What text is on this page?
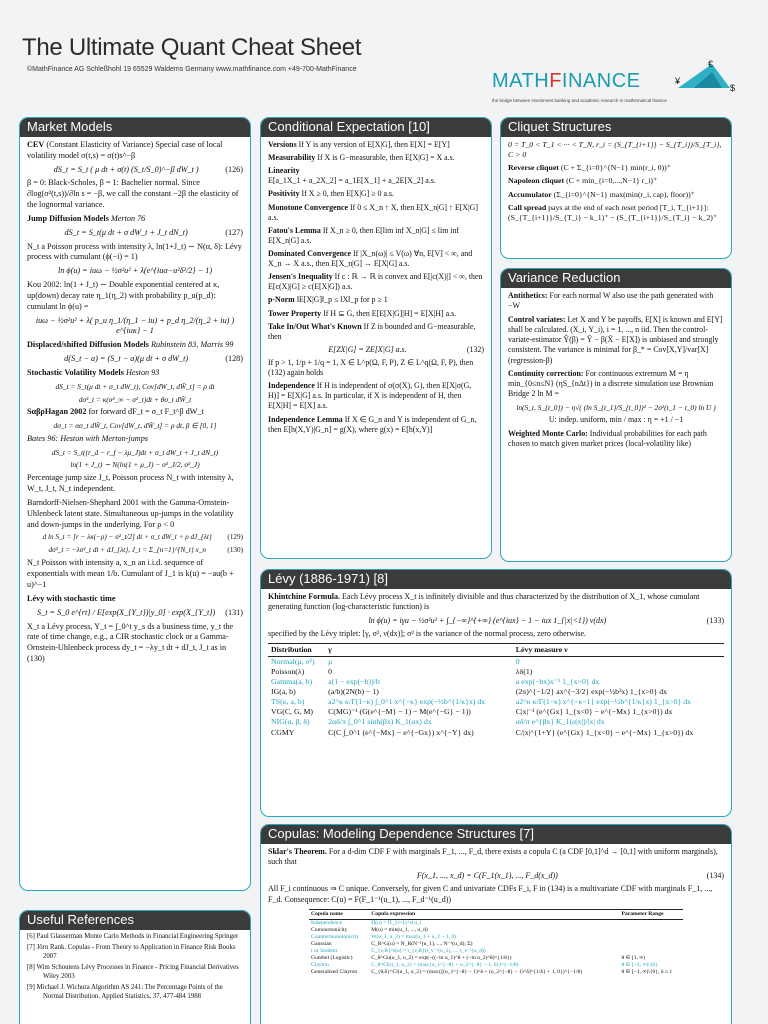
The Ultimate Quant Cheat Sheet
©MathFinance AG Schleßhohl 19 65529 Waldems Germany www.mathfinance.com +49-700-MathFinance
MATHFINANCE
€
¥
$
the bridge between investment banking and academic research in mathematical finance
Market Models

CEV (Constant Elasticity of Variance) Special case of local volatility model σ(t,s) = σ(t)s^−β

dS_t = S_t ( μ dt + σ(t) (S_t/S_0)^−β dW_t )	(126)

β = 0: Black-Scholes, β = 1: Bachelier normal. Since ∂log(σ²(t,s))/∂ln s = −β, we call the constant −2β the elasticity of the lognormal variance.

Jump Diffusion Models Merton 76

dS_t = S_t(μ dt + σ dW_t + J_t dN_t)	(127)

N_t a Poisson process with intensity λ, ln(1+J_t) ∼ N(α, δ): Lévy process with cumulant (ϕ(−i) = 1)

ln ϕ(u) = iuω − ½σ²u² + λ(e^{iuα−u²δ²/2} − 1)

Kou 2002: ln(1 + J_t) ∼ Double exponential centered at κ, up(down) decay rate η_1(η_2) with probability p_u(p_d): cumulant ln ϕ(u) =

iuω − ½σ²u² + λ( p_u η_1/(η_1 − iu) + p_d η_2/(η_2 + iu) ) e^{iuκ} − 1

Displaced/shifted Diffusion Models Rubinstein 83, Marris 99

d(S_t − a) = (S_t − a)(μ dt + σ dW_t)	(128)

Stochastic Volatility Models Heston 93

dS_t = S_t(μ dt + σ_t dW_t), Cov[dW_t, dW̃_t] = ρ dt

dσ²_t = κ(σ²_∞ − σ²_t)dt + θσ_t dW̃_t

SαβρHagan 2002 for forward dF_t = σ_t F_t^β dW_t

dσ_t = ασ_t dW̃_t, Cov[dW_t, dW̃_t] = ρ dt, β ∈ [0, 1]

Bates 96: Heston with Merton-jumps

dS_t = S_t((r_d − r_f − λμ_J)dt + σ_t dW_t + J_t dN_t)

ln(1 + J_t) ∼ N(ln(1 + μ_J) − σ²_J/2, σ²_J)

Percentage jump size J_t, Poisson process N_t with intensity λ, W_t, J_t, N_t independent.

Barndorff-Nielsen-Shephard 2001 with the Gamma-Ornstein-Uhlenbeck latent state. Simultaneous up-jumps in the volatility and down-jumps in the underlying. For ρ < 0

d ln S_t = [r − λκ(−ρ) − σ²_t/2] dt + σ_t dW_t + ρ dJ_{λt} (129)

dσ²_t = −λσ²_t dt + dJ_{λt}, J_t = Σ_{n=1}^{N_t} x_n	(130)

N_t Poisson with intensity a, x_n an i.i.d. sequence of exponentials with mean 1/b. Cumulant of J_1 is k(u) = −au(b + u)^−1

Lévy with stochastic time

S_t = S_0 e^{rt} / E[exp(X_{Y_t})|y_0] · exp(X_{Y_t}) (131)

X_t a Lévy process, Y_t = ∫_0^t y_s ds a business time, y_t the rate of time change, e.g., a CIR stochastic clock or a Gamma-Ornstein-Uhlenbeck process dy_t = −λy_t dt + dJ_t, J_t as in (130)

Useful References

[6] Paul Glasserman Monte Carlo Methods in Financial Engineering Springer

[7] Jörn Rank. Copulas - From Theory to Application in Finance Risk Books 2007

[8] Wim Schoutens Lévy Processes in Finance - Pricing Financial Derivatives Wiley 2003

[9] Michael J. Wichura Algorithm AS 241: The Percentage Points of the Normal Distribution. Applied Statistics, 37, 477-484 1988

Conditional Expectation [10]

Versions If Y is any version of E[X|G], then E[X] = E[Y]

Measurability If X is G−measurable, then E[X|G] = X a.s.

Linearity
E[a_1X_1 + a_2X_2] = a_1E[X_1] + a_2E[X_2] a.s.

Positivity If X ≥ 0, then E[X|G] ≥ 0 a.s.

Monotone Convergence If 0 ≤ X_n ↑ X, then E[X_n|G] ↑ E[X|G] a.s.

Fatou's Lemma If X_n ≥ 0, then E[lim inf X_n|G] ≤ lim inf E[X_n|G] a.s.

Dominated Convergence If |X_n(ω)| ≤ V(ω) ∀n, E[V] < ∞, and X_n → X a.s., then E[X_n|G] → E[X|G] a.s.

Jensen's Inequality If c : ℝ → ℝ is convex and E[|c(X)|] < ∞, then E[c(X)|G] ≥ c(E[X|G]) a.s.

p-Norm ‖E[X|G]‖_p ≤ ‖X‖_p for p ≥ 1

Tower Property If H ⊆ G, then E[E[X|G]|H] = E[X|H] a.s.

Take In/Out What's Known If Z is bounded and G−measurable, then

E[ZX|G] = ZE[X|G] a.s.	(132)

If p > 1, 1/p + 1/q = 1, X ∈ L^p(Ω, F, P), Z ∈ L^q(Ω, F, P), then (132) again holds

Independence If H is independent of σ(σ(X), G), then E[X|σ(G, H)] = E[X|G] a.s. In particular, if X is independent of H, then E[X|H] = E[X] a.s.

Independence Lemma If X ∈ G_n and Y is independent of G_n, then E[h(X,Y)|G_n] = g(X), where g(x) = E[h(x,Y)]

Cliquet Structures

0 = T_0 < T_1 < ··· < T_N, r_i = (S_{T_{i+1}} − S_{T_i})/S_{T_i}, C > 0

Reverse cliquet (C + Σ_{i=0}^{N−1} min(r_i, 0))⁺

Napoleon cliquet (C + min_{i=0,...,N−1} r_i)⁺

Accumulator (Σ_{i=0}^{N−1} max(min(r_i, cap), floor))⁺

Call spread pays at the end of each reset period [T_i, T_{i+1}]: (S_{T_{i+1}}/S_{T_i} − k_1)⁺ − (S_{T_{i+1}}/S_{T_i} − k_2)⁺

Variance Reduction

Antithetics: For each normal W also use the path generated with −W

Control variates: Let X and Y be payoffs, E[X] is known and E[Y] shall be calculated. (X_i, Y_i), i = 1, ..., n iid. Then the control-variate-estimator Ŷ(β) = Ȳ − β(X̄ − E[X]) is unbiased and strongly consistent. The variance is minimal for β_* = Cov[X,Y]/var[X] (regression-β)

Continuity correction: For continuous extremum M = η min_{0≤n≤N} (ηS_{nΔt}) in a discrete simulation use Brownian Bridge 2 ln M =

ln(S_t, S_{t_0}) − η√( (ln S_{t_1}/S_{t_0})² − 2σ²(t_1 − t_0) ln U )

U: indep. uniform, min / max : η = +1 / −1

Weighted Monte Carlo: Individual probabilities for each path chosen to match given market prices (local-volatility like)

Lévy (1886-1971) [8]

Khintchine Formula. Each Lévy process X_t is infinitely divisible and thus characterized by the distribution of X_1, whose cumulant generating function (log-characteristic function) is

ln ϕ(u) = iγu − ½σ²u² + ∫_{−∞}^{+∞} (e^{iux} − 1 − iux 1_{|x|<1}) ν(dx)	(133)

specified by the Lévy triplet: [γ, σ², ν(dx)]; σ² is the variance of the normal process, zero otherwise.

Distribution	γ	Lévy measure ν
Normal(μ, σ²)	μ	0
Poisson(λ)	0	λδ(1)
Gamma(a, b)	a(1 − exp(−b))/b	a exp(−bx)x⁻¹ 1_{x>0} dx
IG(a, b)	(a/b)(2N(b) − 1)	(2π)^{−1/2} ax^{−3/2} exp(−½b²x) 1_{x>0} dx
TS(κ, a, b)	a2^κ κ/Γ(1−κ) ∫_0^1 x^{−κ} exp(−½b^{1/κ}x) dx	a2^κ κ/Γ(1−κ) x^{−κ−1} exp(−½b^{1/κ}x) 1_{x>0} dx
VG(C, G, M)	C(MG)⁻¹ (G(e^{−M} − 1) − M(e^{−G} − 1))	C|x|⁻¹ (e^{Gx} 1_{x<0} − e^{−Mx} 1_{x>0}) dx
NIG(α, β, δ)	2αδ/π ∫_0^1 sinh(βx) K_1(αx) dx	αδ/π e^{βx} K_1(α|x|)/|x| dx
CGMY	C(C ∫_0^1 (e^{−Mx} − e^{−Gx}) x^{−Y} dx)	C/|x|^{1+Y} (e^{Gx} 1_{x<0} − e^{−Mx} 1_{x>0}) dx
Copulas: Modeling Dependence Structures [7]

Sklar's Theorem. For a d-dim CDF F with marginals F_1, ..., F_d, there exists a copula C (a CDF [0,1]^d → [0,1] with uniform marginals), such that

F(x_1, ..., x_d) = C(F_1(x_1), ..., F_d(x_d))	(134)

All F_i continuous ⇒ C unique. Conversely, for given C and univariate CDFs F_i, F in (134) is a multivariate CDF with marginals F_1, ..., F_d. Consequence: C(u) = F(F_1⁻¹(u_1), ..., F_d⁻¹(u_d))

Copula name	Copula expression	Parameter Range
Independence	Π(u) = Π_{i=1}^d u_i	
Comonotonicity	M(u) = min(u_1, ..., u_d)	
Countermonotonicity	W(u_1, u_2) = max(u_1 + u_2 − 1, 0)	
Gaussian	C_R^G(u) = N_R(N⁻¹(u_1), ..., N⁻¹(u_d); Σ)	
t or Student	C_{ν,R}^t(u) = t_{ν,R}(t_ν⁻¹(u_1), ..., t_ν⁻¹(u_d))	
Gumbel (Logistic)	C_θ^Gu(u_1, u_2) = exp(−((−ln u_1)^θ + (−ln u_2)^θ)^{1/θ})	θ ∈ [1, ∞)
Clayton	C_θ^Cl(u_1, u_2) = (max{u_1^{−θ} + u_2^{−θ} − 1, 0})^{−1/θ}	θ ∈ [−1, ∞)\{0}
Generalized Clayton	C_{θ,δ}^Cl(u_1, u_2) = (max{[(u_1^{−θ} − 1)^δ + (u_2^{−θ} − 1)^δ]^{1/δ} + 1, 0})^{−1/θ}	θ ∈ [−1, ∞)\{0}, δ ≥ 1
